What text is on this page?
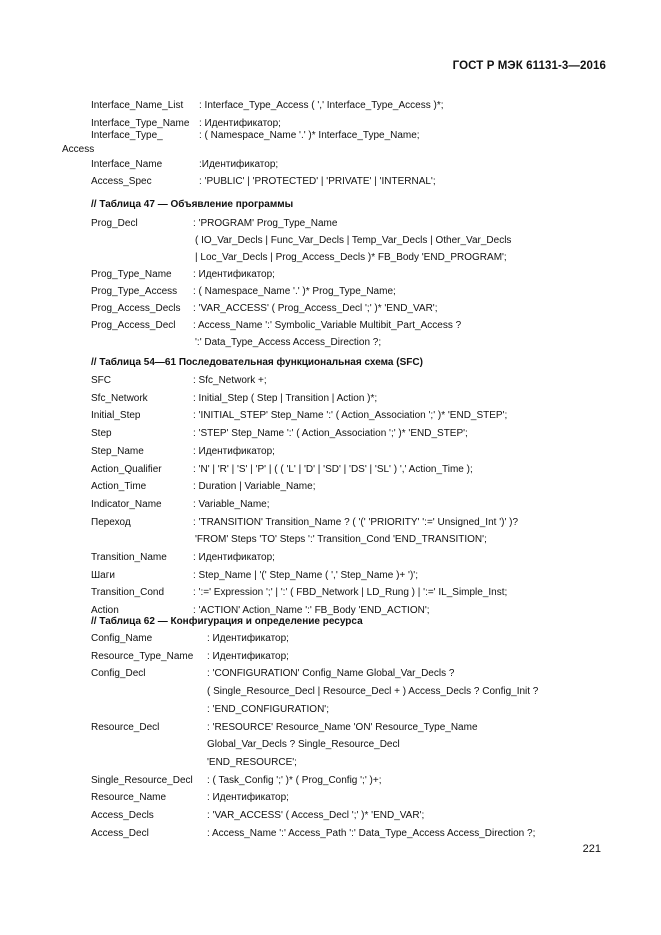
ГОСТ Р МЭК 61131-3—2016
Interface_Name_List : Interface_Type_Access ( ',' Interface_Type_Access )*;
Interface_Type_Name : Идентификатор;
Interface_Type_	: ( Namespace_Name '.' )* Interface_Type_Name;
Access
Interface_Name	:Идентификатор;
Access_Spec	: 'PUBLIC' | 'PROTECTED' | 'PRIVATE' | 'INTERNAL';
// Таблица 47 — Объявление программы
Prog_Decl	: 'PROGRAM' Prog_Type_Name
( IO_Var_Decls | Func_Var_Decls | Temp_Var_Decls | Other_Var_Decls
| Loc_Var_Decls | Prog_Access_Decls )* FB_Body 'END_PROGRAM';
Prog_Type_Name : Идентификатор;
Prog_Type_Access : ( Namespace_Name '.' )* Prog_Type_Name;
Prog_Access_Decls : 'VAR_ACCESS' ( Prog_Access_Decl ';' )* 'END_VAR';
Prog_Access_Decl : Access_Name ':' Symbolic_Variable Multibit_Part_Access ?
':' Data_Type_Access Access_Direction ?;
// Таблица 54—61 Последовательная функциональная схема (SFC)
SFC	: Sfc_Network +;
Sfc_Network	: Initial_Step ( Step | Transition | Action )*;
Initial_Step	: 'INITIAL_STEP' Step_Name ':' ( Action_Association ';' )* 'END_STEP';
Step	: 'STEP' Step_Name ':' ( Action_Association ';' )* 'END_STEP';
Step_Name	: Идентификатор;
Action_Qualifier	: 'N' | 'R' | 'S' | 'P' | ( ( 'L' | 'D' | 'SD' | 'DS' | 'SL' ) ',' Action_Time );
Action_Time	: Duration | Variable_Name;
Indicator_Name	: Variable_Name;
Переход	: 'TRANSITION' Transition_Name ? ( '(' 'PRIORITY' ':=' Unsigned_Int ')' )?
'FROM' Steps 'TO' Steps ':' Transition_Cond 'END_TRANSITION';
Transition_Name	: Идентификатор;
Шаги	: Step_Name | '(' Step_Name ( ',' Step_Name )+ ')';
Transition_Cond	: ':=' Expression ';' | ':' ( FBD_Network | LD_Rung ) | ':=' IL_Simple_Inst;
Action	: 'ACTION' Action_Name ':' FB_Body 'END_ACTION';
// Таблица 62 — Конфигурация и определение ресурса
Config_Name	: Идентификатор;
Resource_Type_Name : Идентификатор;
Config_Decl	: 'CONFIGURATION' Config_Name Global_Var_Decls ?
( Single_Resource_Decl | Resource_Decl + ) Access_Decls ? Config_Init ?
: 'END_CONFIGURATION';
Resource_Decl	: 'RESOURCE' Resource_Name 'ON' Resource_Type_Name
Global_Var_Decls ? Single_Resource_Decl
'END_RESOURCE';
Single_Resource_Decl : ( Task_Config ';' )* ( Prog_Config ';' )+;
Resource_Name	: Идентификатор;
Access_Decls	: 'VAR_ACCESS' ( Access_Decl ';' )* 'END_VAR';
Access_Decl	: Access_Name ':' Access_Path ':' Data_Type_Access Access_Direction ?;
221
